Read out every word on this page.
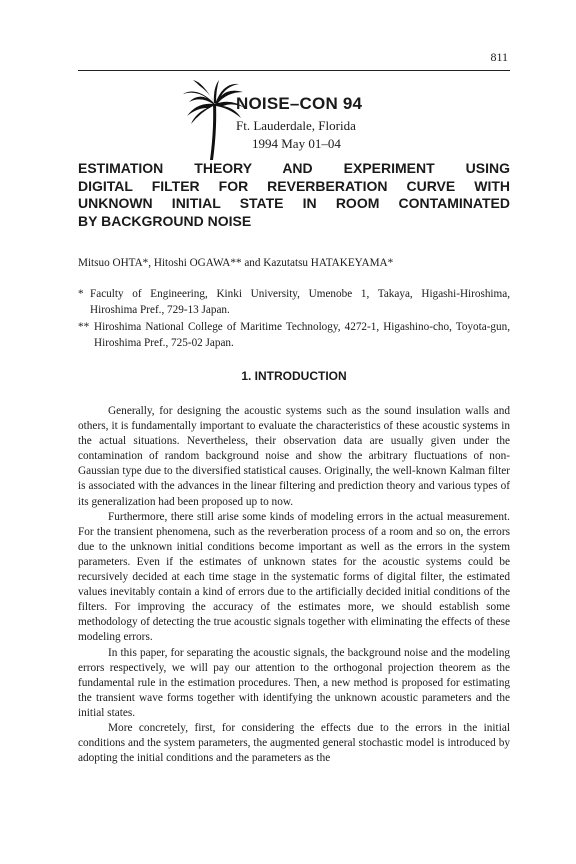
811
NOISE–CON 94
Ft. Lauderdale, Florida
1994 May 01–04
ESTIMATION THEORY AND EXPERIMENT USING
DIGITAL FILTER FOR REVERBERATION CURVE WITH
UNKNOWN INITIAL STATE IN ROOM CONTAMINATED
BY BACKGROUND NOISE
Mitsuo OHTA*, Hitoshi OGAWA** and Kazutatsu HATAKEYAMA*
* Faculty of Engineering, Kinki University, Umenobe 1, Takaya, Higashi-Hiroshima, Hiroshima Pref., 729-13 Japan.
** Hiroshima National College of Maritime Technology, 4272-1, Higashino-cho, Toyota-gun, Hiroshima Pref., 725-02 Japan.
1. INTRODUCTION

Generally, for designing the acoustic systems such as the sound insulation walls and others, it is fundamentally important to evaluate the characteristics of these acoustic systems in the actual situations. Nevertheless, their observation data are usually given under the contamination of random background noise and show the arbitrary fluctuations of non-Gaussian type due to the diversified statistical causes. Originally, the well-known Kalman filter is associated with the advances in the linear filtering and prediction theory and various types of its generalization had been proposed up to now.

Furthermore, there still arise some kinds of modeling errors in the actual measurement. For the transient phenomena, such as the reverberation process of a room and so on, the errors due to the unknown initial conditions become important as well as the errors in the system parameters. Even if the estimates of unknown states for the acoustic systems could be recursively decided at each time stage in the systematic forms of digital filter, the estimated values inevitably contain a kind of errors due to the artificially decided initial conditions of the filters. For improving the accuracy of the estimates more, we should establish some methodology of detecting the true acoustic signals together with eliminating the effects of these modeling errors.

In this paper, for separating the acoustic signals, the background noise and the modeling errors respectively, we will pay our attention to the orthogonal projection theorem as the fundamental rule in the estimation procedures. Then, a new method is proposed for estimating the transient wave forms together with identifying the unknown acoustic parameters and the initial states.

More concretely, first, for considering the effects due to the errors in the initial conditions and the system parameters, the augmented general stochastic model is introduced by adopting the initial conditions and the parameters as the
